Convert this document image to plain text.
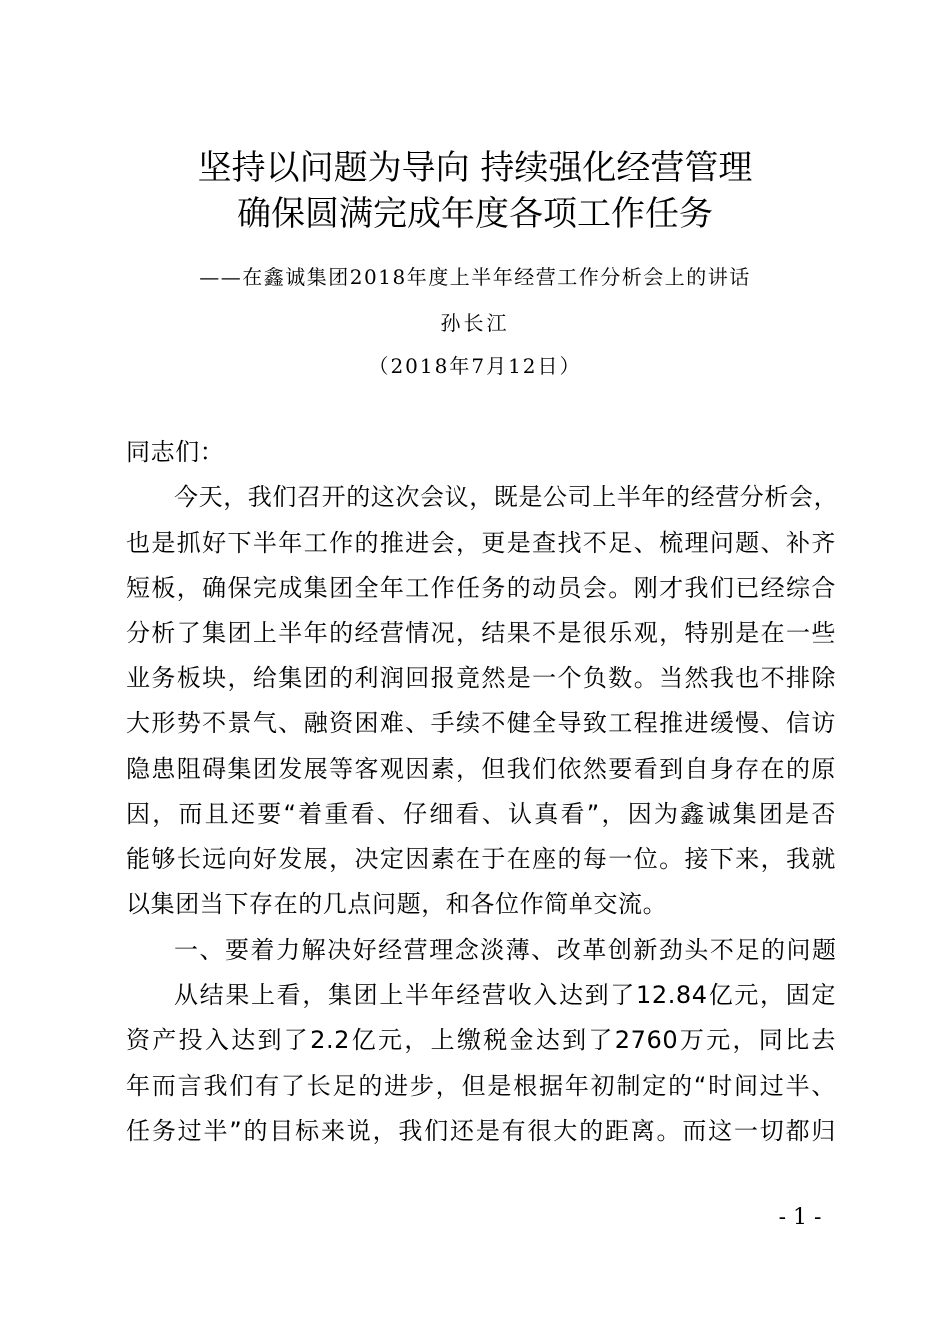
坚持以问题为导向 持续强化经营管理
确保圆满完成年度各项工作任务
——在鑫诚集团2018年度上半年经营工作分析会上的讲话
孙长江
（2018年7月12日）
同志们：
今天，我们召开的这次会议，既是公司上半年的经营分析会，
也是抓好下半年工作的推进会，更是查找不足、梳理问题、补齐
短板，确保完成集团全年工作任务的动员会。刚才我们已经综合
分析了集团上半年的经营情况，结果不是很乐观，特别是在一些
业务板块，给集团的利润回报竟然是一个负数。当然我也不排除
大形势不景气、融资困难、手续不健全导致工程推进缓慢、信访
隐患阻碍集团发展等客观因素，但我们依然要看到自身存在的原
因，而且还要“着重看、仔细看、认真看”，因为鑫诚集团是否
能够长远向好发展，决定因素在于在座的每一位。接下来，我就
以集团当下存在的几点问题，和各位作简单交流。
一、要着力解决好经营理念淡薄、改革创新劲头不足的问题
从结果上看，集团上半年经营收入达到了12.84亿元，固定
资产投入达到了2.2亿元，上缴税金达到了2760万元，同比去
年而言我们有了长足的进步，但是根据年初制定的“时间过半、
任务过半”的目标来说，我们还是有很大的距离。而这一切都归
- 1 -
